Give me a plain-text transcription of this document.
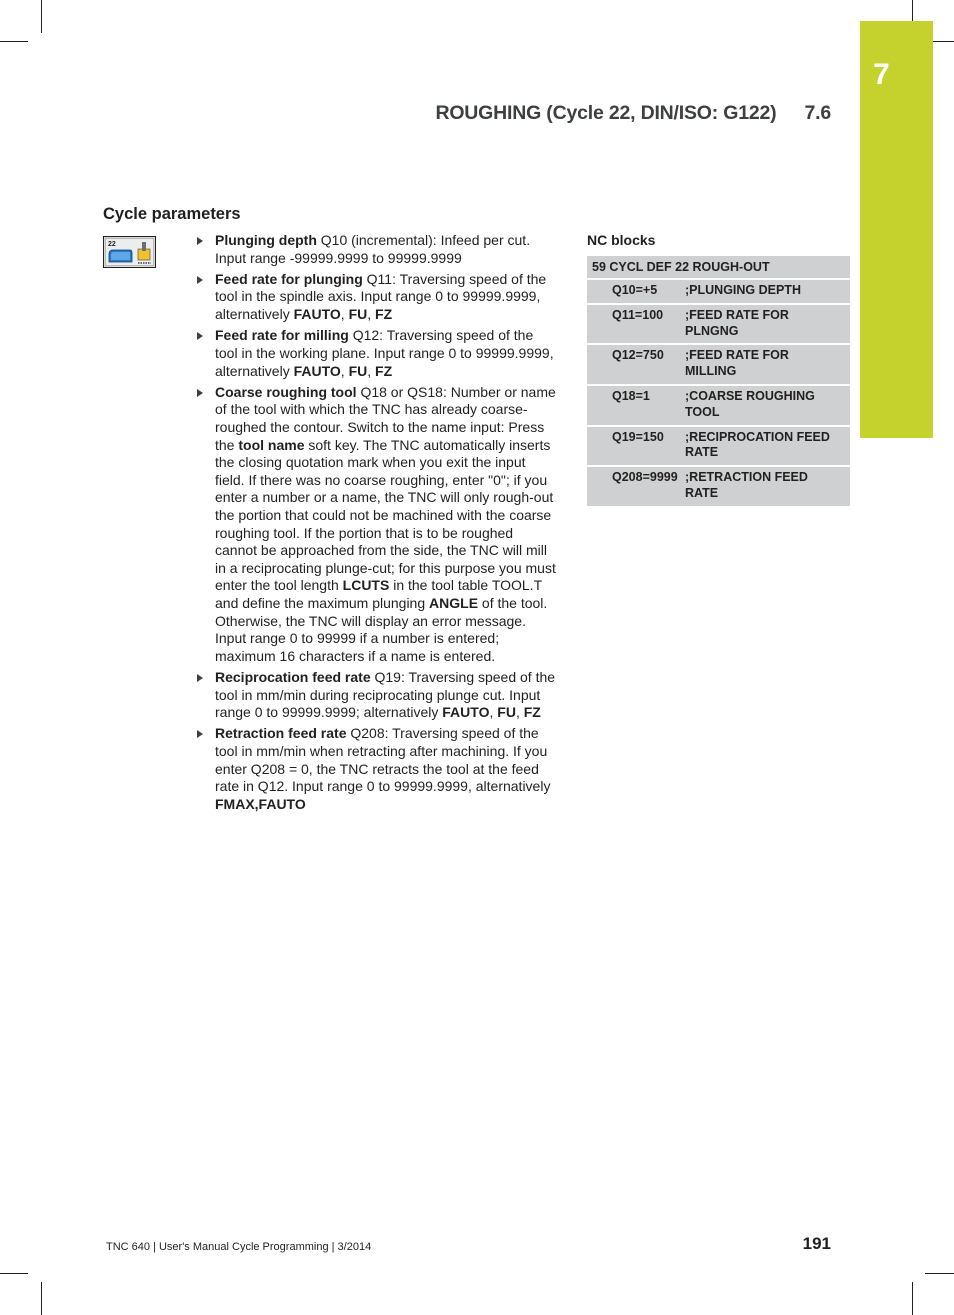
7
ROUGHING (Cycle 22, DIN/ISO: G122) 7.6
Cycle parameters
22	Plunging depth Q10 (incremental): Infeed per cut. Input range -99999.9999 to 99999.9999
Feed rate for plunging Q11: Traversing speed of the tool in the spindle axis. Input range 0 to 99999.9999, alternatively FAUTO, FU, FZ
Feed rate for milling Q12: Traversing speed of the tool in the working plane. Input range 0 to 99999.9999, alternatively FAUTO, FU, FZ
Coarse roughing tool Q18 or QS18: Number or name of the tool with which the TNC has already coarse-roughed the contour. Switch to the name input: Press the tool name soft key. The TNC automatically inserts the closing quotation mark when you exit the input field. If there was no coarse roughing, enter "0"; if you enter a number or a name, the TNC will only rough-out the portion that could not be machined with the coarse roughing tool. If the portion that is to be roughed cannot be approached from the side, the TNC will mill in a reciprocating plunge-cut; for this purpose you must enter the tool length LCUTS in the tool table TOOL.T and define the maximum plunging ANGLE of the tool. Otherwise, the TNC will display an error message. Input range 0 to 99999 if a number is entered; maximum 16 characters if a name is entered.
Reciprocation feed rate Q19: Traversing speed of the tool in mm/min during reciprocating plunge cut. Input range 0 to 99999.9999; alternatively FAUTO, FU, FZ
Retraction feed rate Q208: Traversing speed of the tool in mm/min when retracting after machining. If you enter Q208 = 0, the TNC retracts the tool at the feed rate in Q12. Input range 0 to 99999.9999, alternatively FMAX,FAUTO
NC blocks
59 CYCL DEF 22 ROUGH-OUT
Q10=+5	;PLUNGING DEPTH
Q11=100	;FEED RATE FOR PLNGNG
Q12=750	;FEED RATE FOR MILLING
Q18=1	;COARSE ROUGHING TOOL
Q19=150	;RECIPROCATION FEED RATE
Q208=9999 ;RETRACTION FEED RATE
TNC 640 | User's Manual Cycle Programming | 3/2014	191
